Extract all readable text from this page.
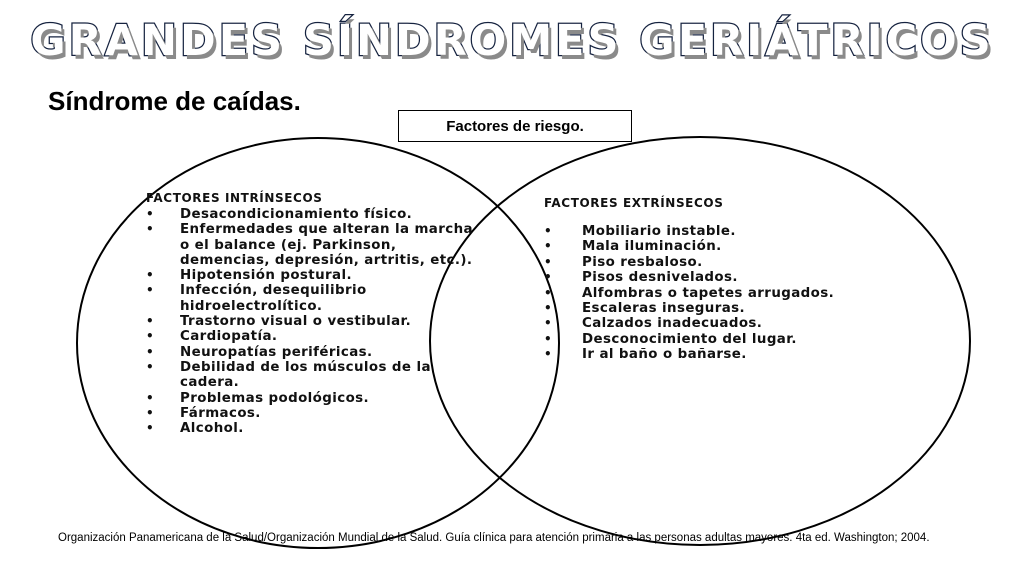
GRANDES SÍNDROMES GERIÁTRICOS
Síndrome de caídas.
Factores de riesgo.
FACTORES INTRÍNSECOS
• Desacondicionamiento físico.
• Enfermedades que alteran la marcha o el balance (ej. Parkinson, demencias, depresión, artritis, etc.).
• Hipotensión postural.
• Infección, desequilibrio hidroelectrolítico.
• Trastorno visual o vestibular.
• Cardiopatía.
• Neuropatías periféricas.
• Debilidad de los músculos de la cadera.
• Problemas podológicos.
• Fármacos.
• Alcohol.
FACTORES EXTRÍNSECOS
• Mobiliario instable.
• Mala iluminación.
• Piso resbaloso.
• Pisos desnivelados.
• Alfombras o tapetes arrugados.
• Escaleras inseguras.
• Calzados inadecuados.
• Desconocimiento del lugar.
• Ir al baño o bañarse.
Organización Panamericana de la Salud/Organización Mundial de la Salud. Guía clínica para atención primaria a las personas adultas mayores. 4ta ed. Washington; 2004.
